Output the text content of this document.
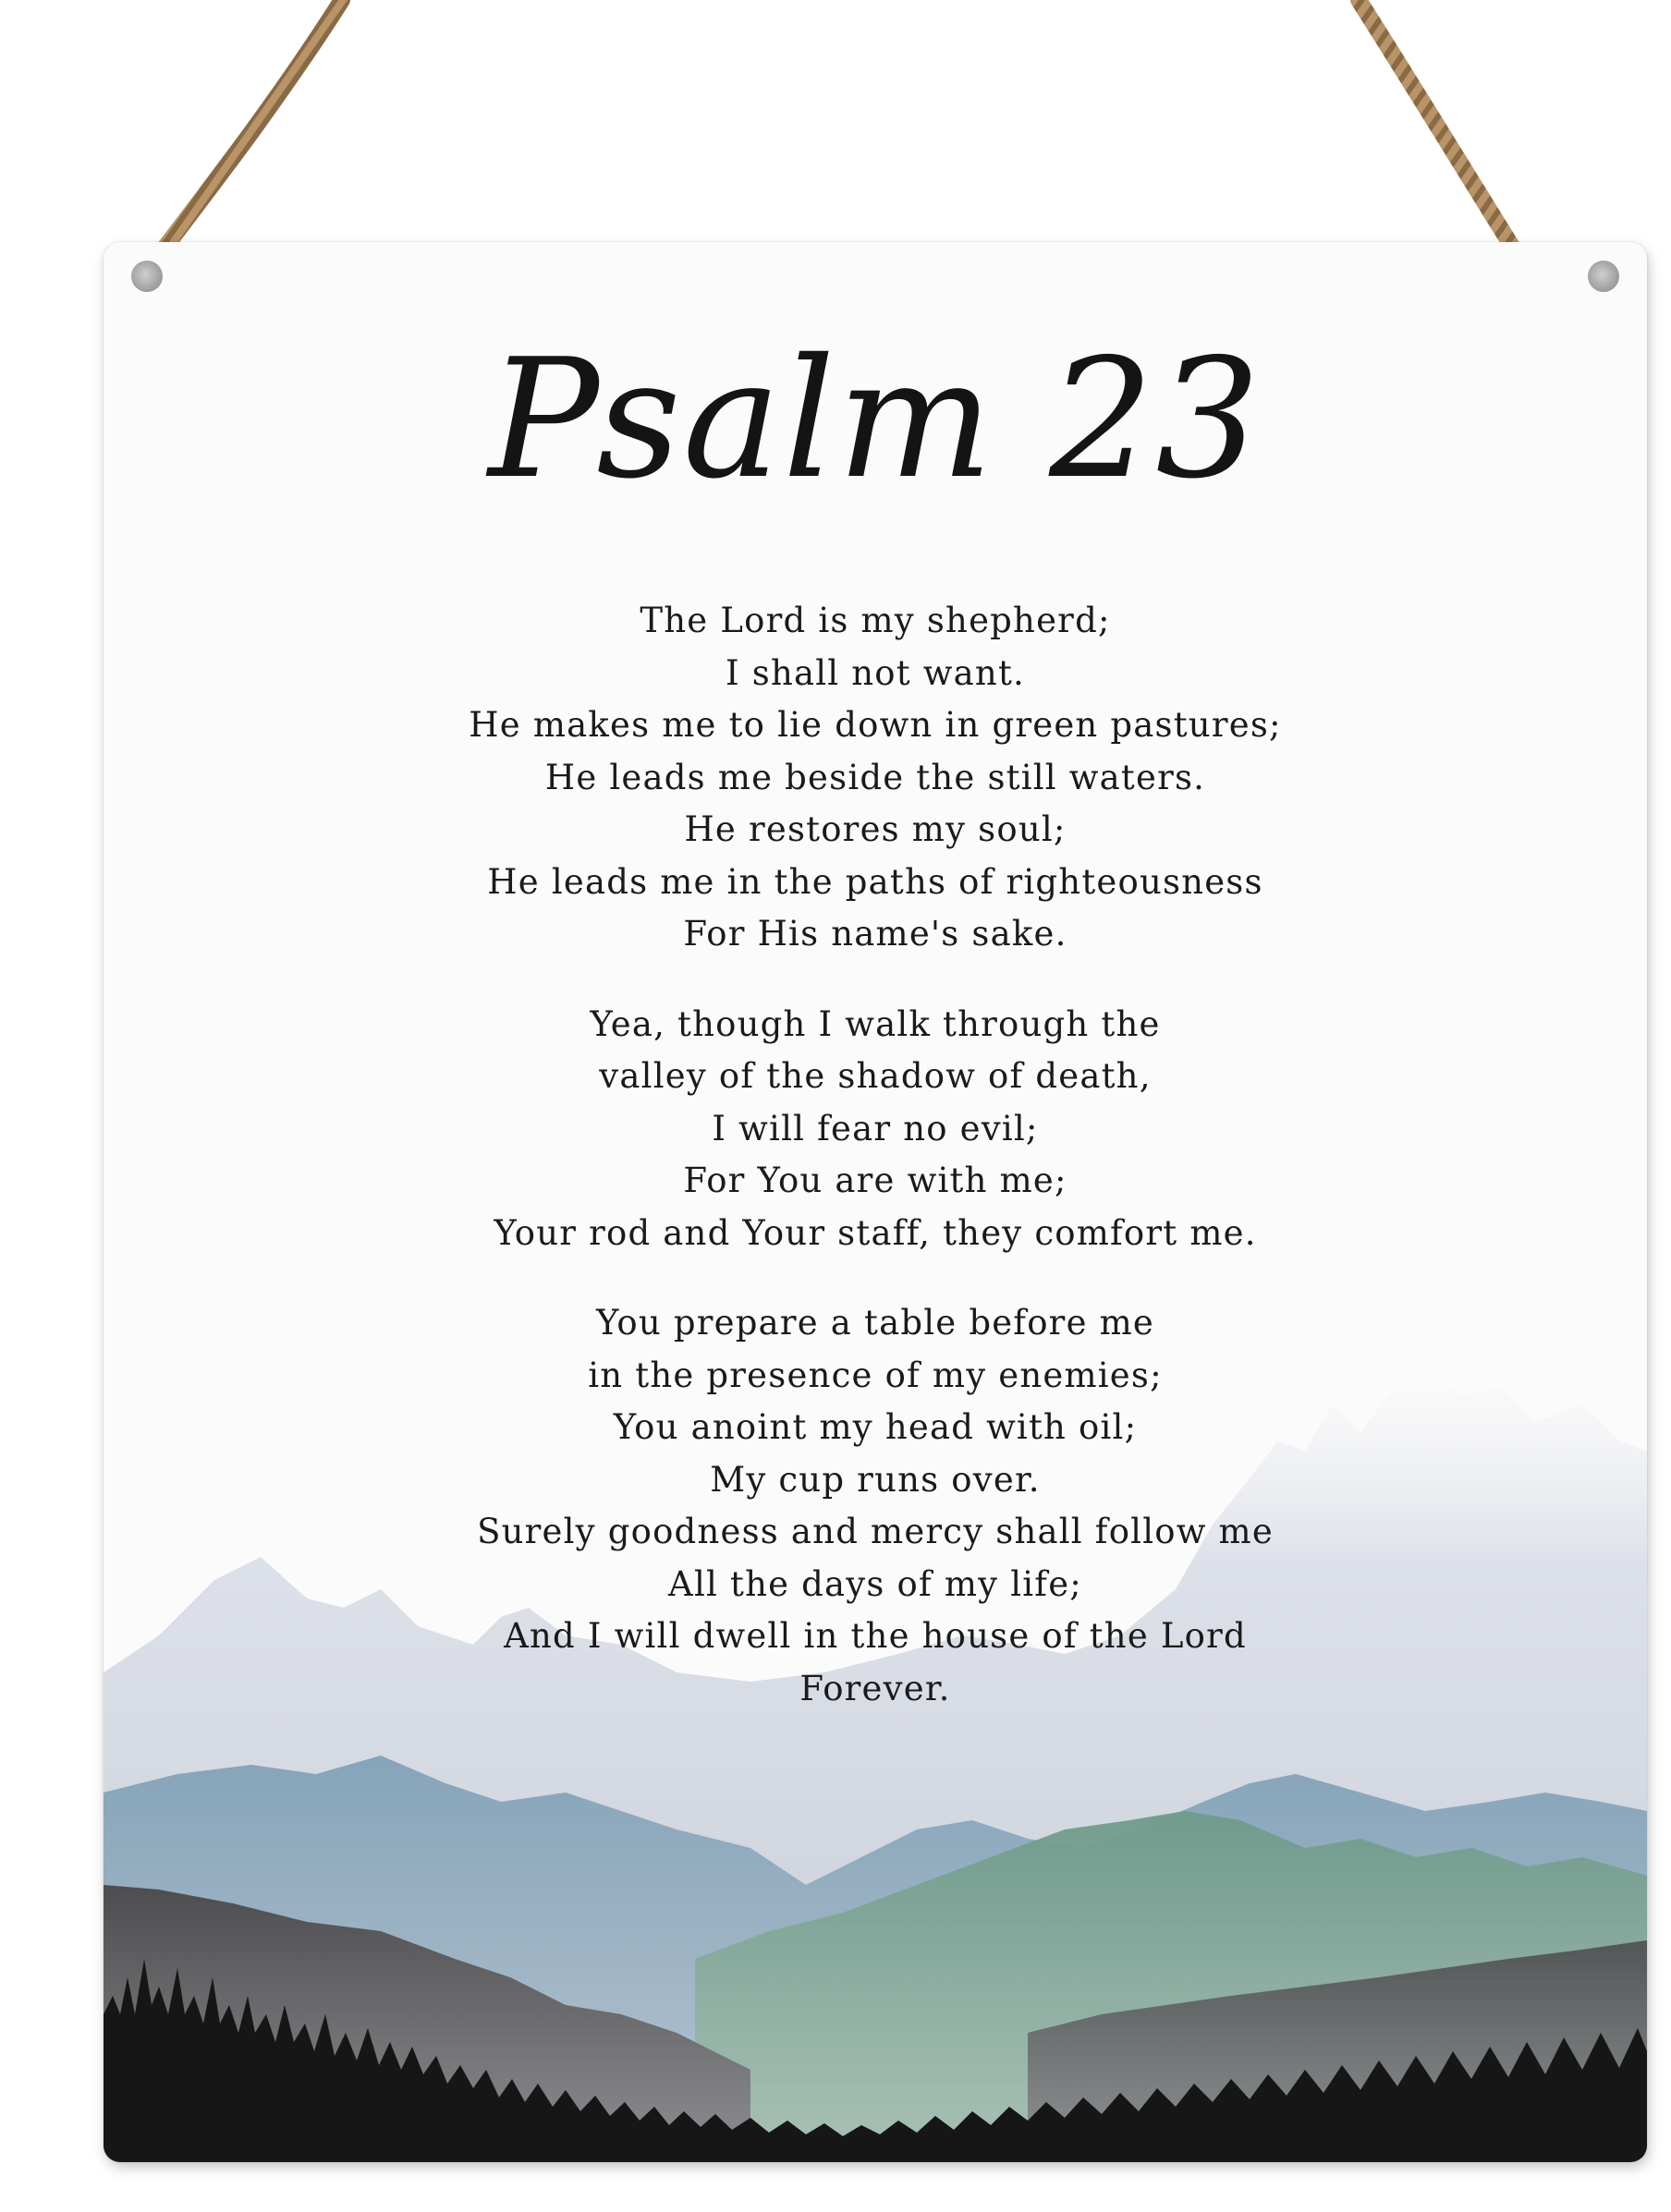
Psalm 23
The Lord is my shepherd;
I shall not want.
He makes me to lie down in green pastures;
He leads me beside the still waters.
He restores my soul;
He leads me in the paths of righteousness
For His name's sake.
Yea, though I walk through the
valley of the shadow of death,
I will fear no evil;
For You are with me;
Your rod and Your staff, they comfort me.
You prepare a table before me
in the presence of my enemies;
You anoint my head with oil;
My cup runs over.
Surely goodness and mercy shall follow me
All the days of my life;
And I will dwell in the house of the Lord
Forever.
